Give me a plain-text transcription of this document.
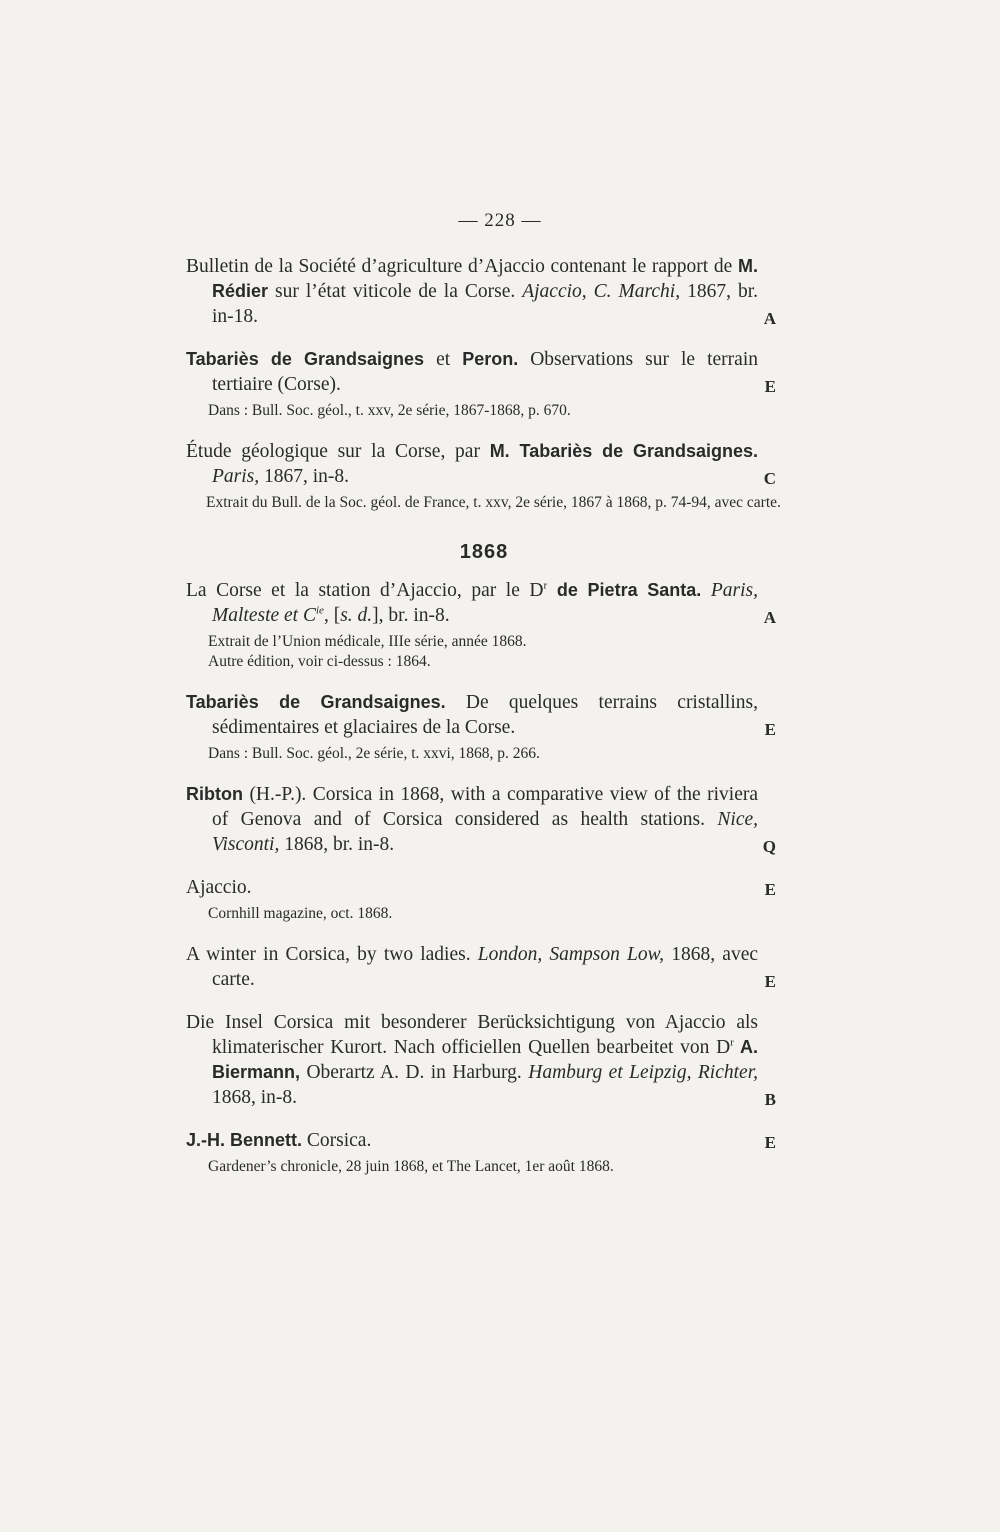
— 228 —
Bulletin de la Société d’agriculture d’Ajaccio contenant le rapport de M. Rédier sur l’état viticole de la Corse. Ajaccio, C. Marchi, 1867, br. in-18.	A
Tabariès de Grandsaignes et Peron. Observations sur le terrain tertiaire (Corse).	E
Dans : Bull. Soc. géol., t. xxv, 2e série, 1867-1868, p. 670.
Étude géologique sur la Corse, par M. Tabariès de Grandsaignes. Paris, 1867, in-8.	C
Extrait du Bull. de la Soc. géol. de France, t. xxv, 2e série, 1867 à 1868, p. 74-94, avec carte.
1868
La Corse et la station d’Ajaccio, par le $D^r$ de Pietra Santa. Paris, Malteste et $C^{ie}$, [s. d.], br. in-8.	A
Extrait de l’Union médicale, IIIe série, année 1868.
Autre édition, voir ci-dessus : 1864.
Tabariès de Grandsaignes. De quelques terrains cristallins, sédimentaires et glaciaires de la Corse.	E
Dans : Bull. Soc. géol., 2e série, t. xxvi, 1868, p. 266.
Ribton (H.-P.). Corsica in 1868, with a comparative view of the riviera of Genova and of Corsica considered as health stations. Nice, Visconti, 1868, br. in-8.	Q
Ajaccio.	E
Cornhill magazine, oct. 1868.
A winter in Corsica, by two ladies. London, Sampson Low, 1868, avec carte.	E
Die Insel Corsica mit besonderer Berücksichtigung von Ajaccio als klimaterischer Kurort. Nach officiellen Quellen bearbeitet von $D^r$ A. Biermann, Oberartz A. D. in Harburg. Hamburg et Leipzig, Richter, 1868, in-8.	B
J.-H. Bennett. Corsica.	E
Gardener’s chronicle, 28 juin 1868, et The Lancet, 1er août 1868.
